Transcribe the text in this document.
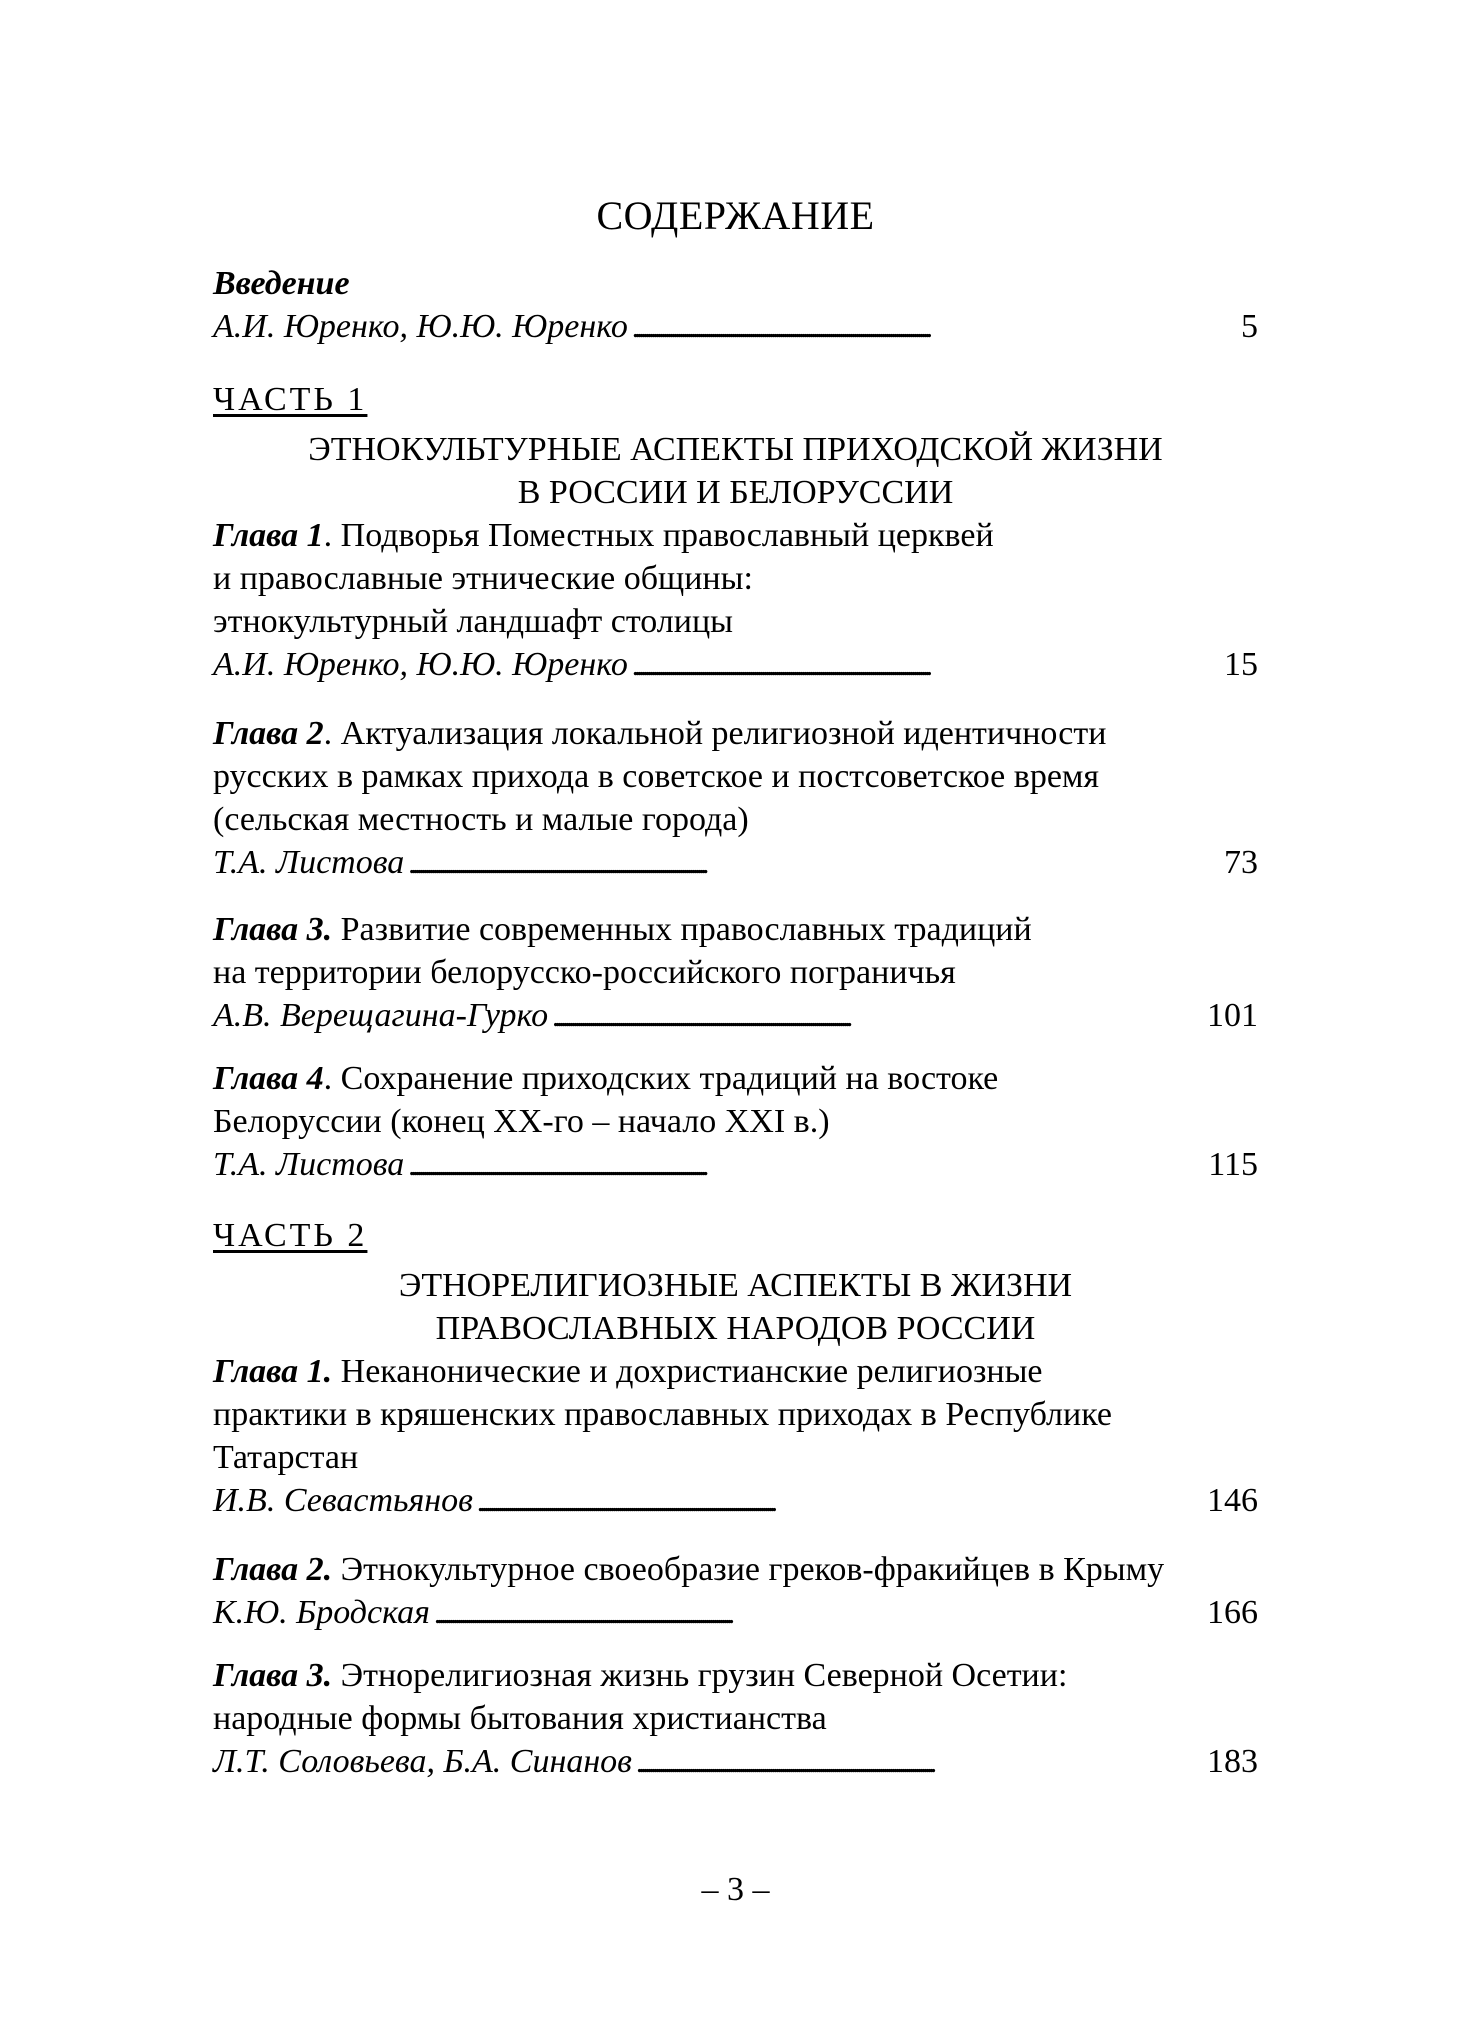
СОДЕРЖАНИЕ
Введение
А.И. Юренко, Ю.Ю. Юренко . . .	5
ЧАСТЬ 1
ЭТНОКУЛЬТУРНЫЕ АСПЕКТЫ ПРИХОДСКОЙ ЖИЗНИ
В РОССИИ И БЕЛОРУССИИ
Глава 1. Подворья Поместных православный церквей
и православные этнические общины:
этнокультурный ландшафт столицы
А.И. Юренко, Ю.Ю. Юренко . . .	15
Глава 2. Актуализация локальной религиозной идентичности
русских в рамках прихода в советское и постсоветское время
(сельская местность и малые города)
Т.А. Листова . . .	73
Глава 3. Развитие современных православных традиций
на территории белорусско-российского пограничья
А.В. Верещагина-Гурко . . .	101
Глава 4. Сохранение приходских традиций на востоке
Белоруссии (конец XX-го – начало XXI в.)
Т.А. Листова . . .	115
ЧАСТЬ 2
ЭТНОРЕЛИГИОЗНЫЕ АСПЕКТЫ В ЖИЗНИ
ПРАВОСЛАВНЫХ НАРОДОВ РОССИИ
Глава 1. Неканонические и дохристианские религиозные
практики в кряшенских православных приходах в Республике
Татарстан
И.В. Севастьянов . . .	146
Глава 2. Этнокультурное своеобразие греков-фракийцев в Крыму
К.Ю. Бродская . . .	166
Глава 3. Этнорелигиозная жизнь грузин Северной Осетии:
народные формы бытования христианства
Л.Т. Соловьева, Б.А. Синанов . . .	183
– 3 –
